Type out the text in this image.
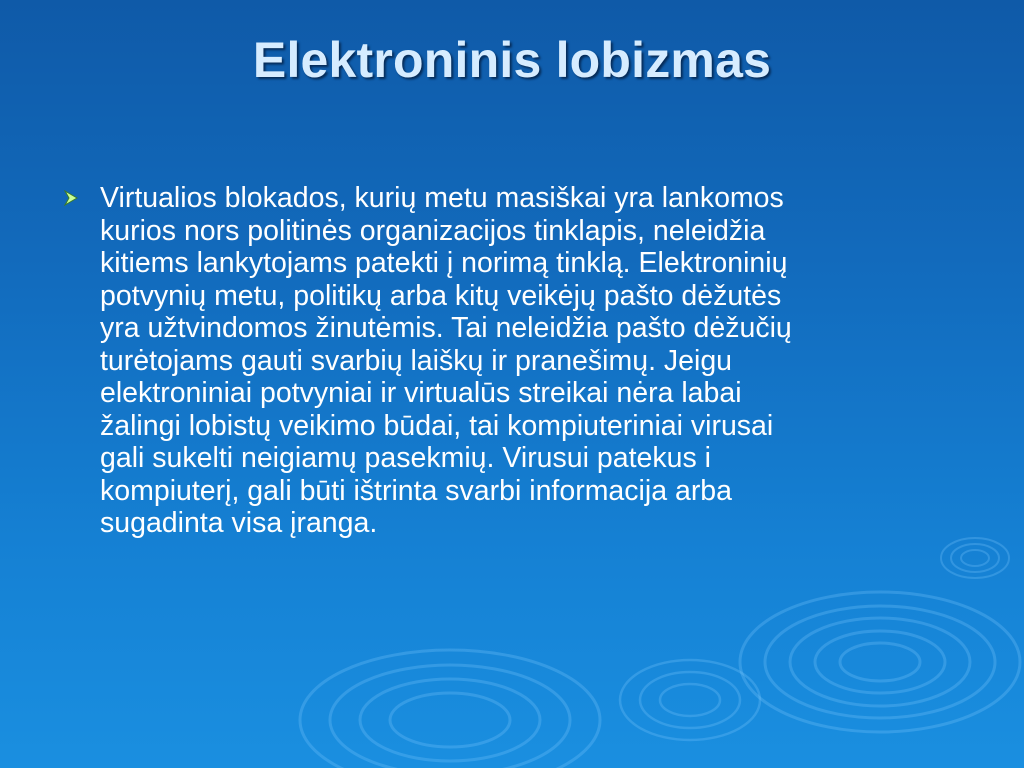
Elektroninis lobizmas
Virtualios blokados, kurių metu masiškai yra lankomos
kurios nors politinės organizacijos tinklapis, neleidžia
kitiems lankytojams patekti į norimą tinklą. Elektroninių
potvynių metu, politikų arba kitų veikėjų pašto dėžutės
yra užtvindomos žinutėmis. Tai neleidžia pašto dėžučių
turėtojams gauti svarbių laiškų ir pranešimų. Jeigu
elektroniniai potvyniai ir virtualūs streikai nėra labai
žalingi lobistų veikimo būdai, tai kompiuteriniai virusai
gali sukelti neigiamų pasekmių. Virusui patekus i
kompiuterį, gali būti ištrinta svarbi informacija arba
sugadinta visa įranga.
